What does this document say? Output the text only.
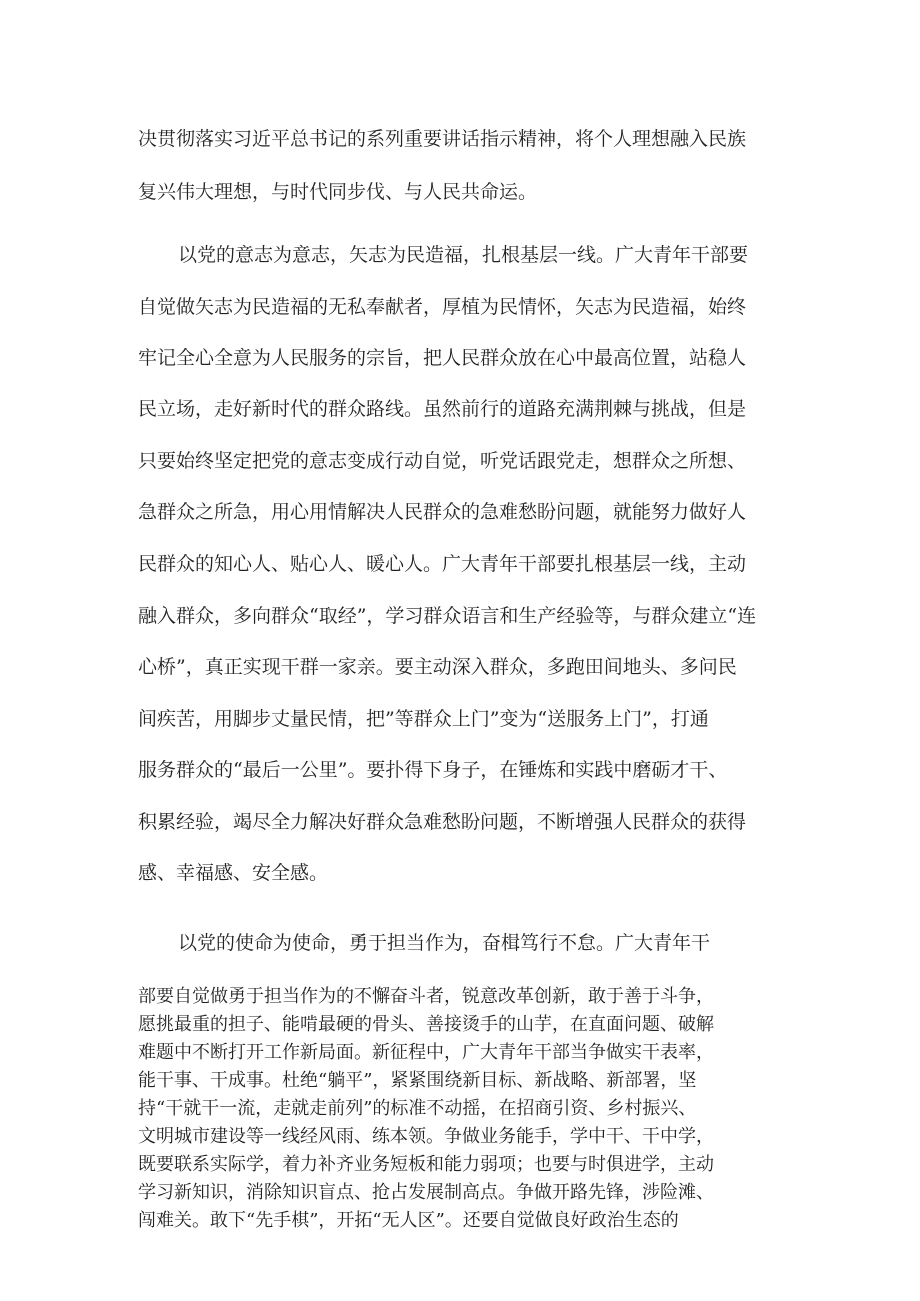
决贯彻落实习近平总书记的系列重要讲话指示精神，将个人理想融入民族
复兴伟大理想，与时代同步伐、与人民共命运。
以党的意志为意志，矢志为民造福，扎根基层一线。广大青年干部要
自觉做矢志为民造福的无私奉献者，厚植为民情怀，矢志为民造福，始终
牢记全心全意为人民服务的宗旨，把人民群众放在心中最高位置，站稳人
民立场，走好新时代的群众路线。虽然前行的道路充满荆棘与挑战，但是
只要始终坚定把党的意志变成行动自觉，听党话跟党走，想群众之所想、
急群众之所急，用心用情解决人民群众的急难愁盼问题，就能努力做好人
民群众的知心人、贴心人、暖心人。广大青年干部要扎根基层一线，主动
融入群众，多向群众“取经”，学习群众语言和生产经验等，与群众建立“连
心桥”，真正实现干群一家亲。要主动深入群众，多跑田间地头、多问民
间疾苦，用脚步丈量民情，把”等群众上门”变为“送服务上门”，打通
服务群众的“最后一公里”。要扑得下身子，在锤炼和实践中磨砺才干、
积累经验，竭尽全力解决好群众急难愁盼问题，不断增强人民群众的获得
感、幸福感、安全感。
以党的使命为使命，勇于担当作为，奋楫笃行不怠。广大青年干
部要自觉做勇于担当作为的不懈奋斗者，锐意改革创新，敢于善于斗争，
愿挑最重的担子、能啃最硬的骨头、善接烫手的山芋，在直面问题、破解
难题中不断打开工作新局面。新征程中，广大青年干部当争做实干表率，
能干事、干成事。杜绝“躺平”，紧紧围绕新目标、新战略、新部署，坚
持“干就干一流，走就走前列”的标准不动摇，在招商引资、乡村振兴、
文明城市建设等一线经风雨、练本领。争做业务能手，学中干、干中学，
既要联系实际学，着力补齐业务短板和能力弱项；也要与时俱进学，主动
学习新知识，消除知识盲点、抢占发展制高点。争做开路先锋，涉险滩、
闯难关。敢下“先手棋”，开拓“无人区”。还要自觉做良好政治生态的
